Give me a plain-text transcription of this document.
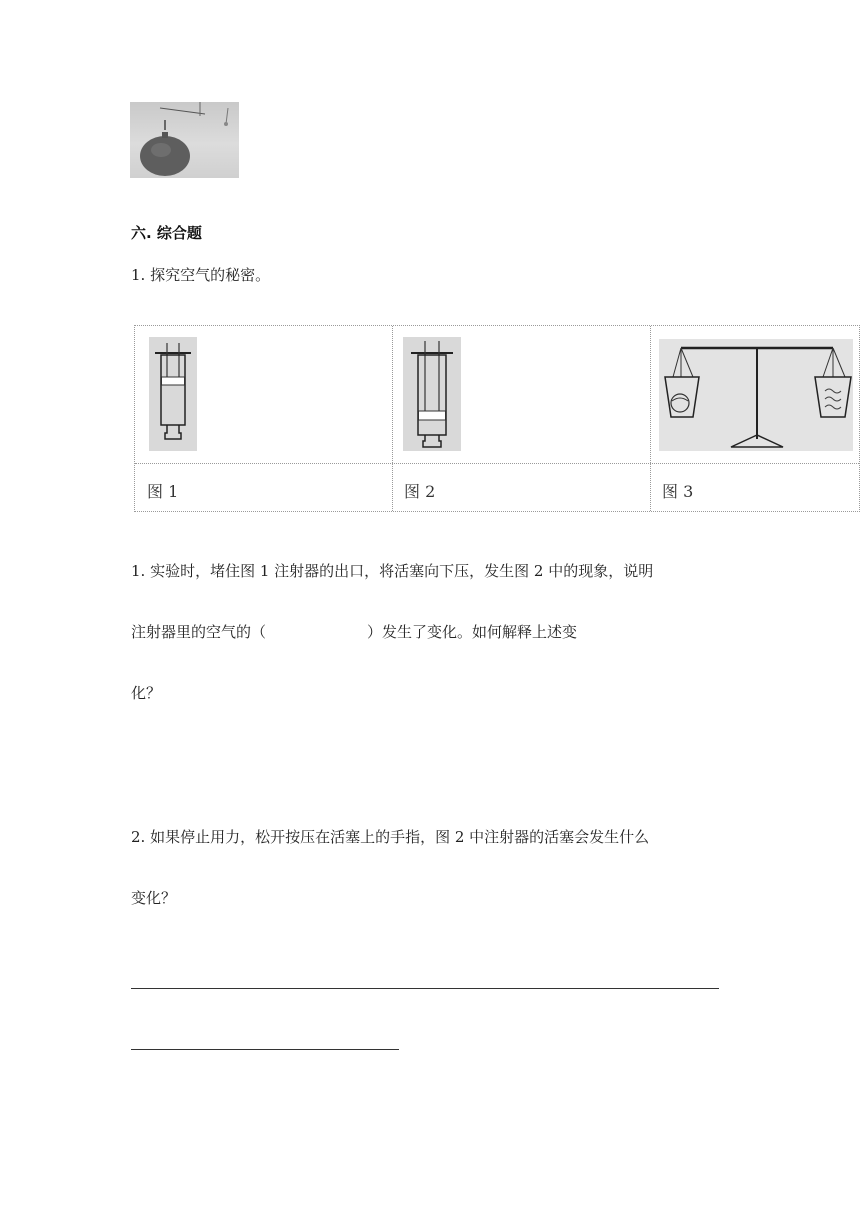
六. 综合题
1. 探究空气的秘密。
图 1	图 2	图 3
1. 实验时，堵住图 1 注射器的出口，将活塞向下压，发生图 2 中的现象，说明
注射器里的空气的（	）发生了变化。如何解释上述变
化？
2. 如果停止用力，松开按压在活塞上的手指，图 2 中注射器的活塞会发生什么
变化？
